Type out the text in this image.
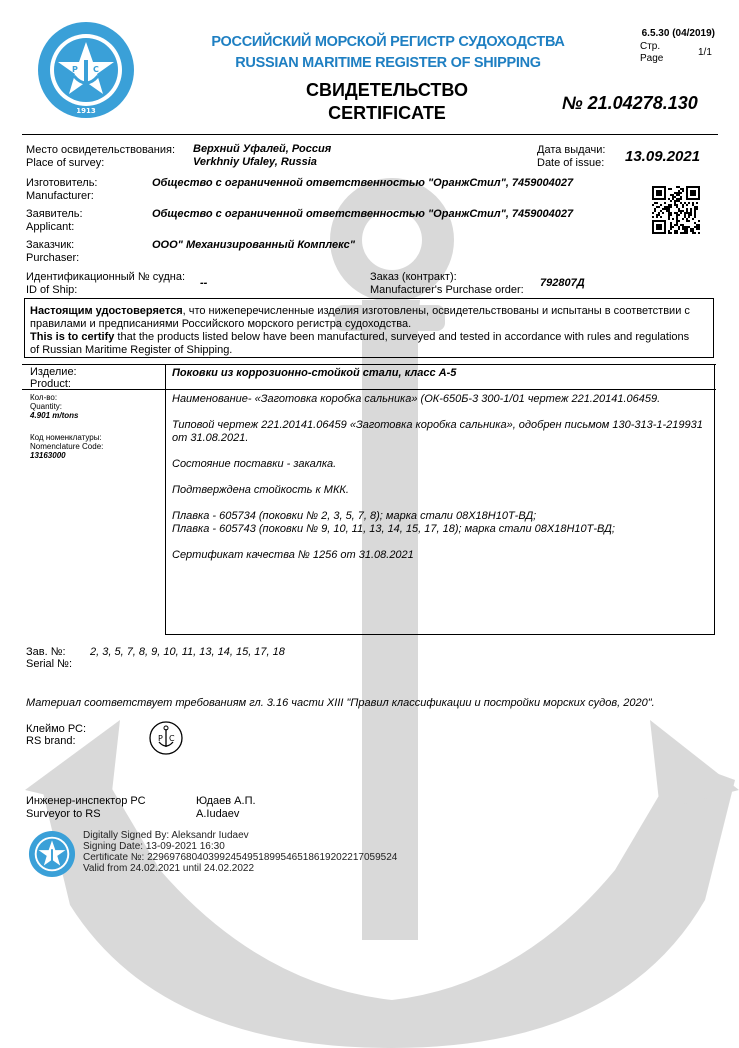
Р С
1913
РОССИЙСКИЙ МОРСКОЙ РЕГИСТР СУДОХОДСТВА
RUSSIAN MARITIME REGISTER OF SHIPPING
6.5.30 (04/2019)
Стр.
Page
1/1
СВИДЕТЕЛЬСТВО
CERTIFICATE	№ 21.04278.130
Место освидетельствования:
Place of survey:
Верхний Уфалей, Россия
Verkhniy Ufaley, Russia
Дата выдачи:
Date of issue: 13.09.2021
Изготовитель:
Manufacturer:
Общество с ограниченной ответственностью "ОранжСтил", 7459004027
Заявитель:
Applicant:
Общество с ограниченной ответственностью "ОранжСтил", 7459004027
Заказчик:
Purchaser:
ООО" Механизированный Комплекс"
Идентификационный № судна:
ID of Ship:
--	Заказ (контракт):
Manufacturer's Purchase order:
792807Д
Настоящим удостоверяется, что нижеперечисленные изделия изготовлены, освидетельствованы и испытаны в соответствии с
правилами и предписаниями Российского морского регистра судоходства.
This is to certify that the products listed below have been manufactured, surveyed and tested in accordance with rules and regulations
of Russian Maritime Register of Shipping.
Изделие:
Product:
Поковки из коррозионно-стойкой стали, класс А-5
Кол-во:
Quantity:
4.901 m/tons
Код номенклатуры:
Nomenclature Code:
13163000
Наименование- «Заготовка коробка сальника» (ОК-650Б-3 300-1/01 чертеж 221.20141.06459.
Типовой чертеж 221.20141.06459 «Заготовка коробка сальника», одобрен письмом 130-313-1-219931
от 31.08.2021.
Состояние поставки - закалка.
Подтверждена стойкость к МКК.
Плавка - 605734 (поковки № 2, 3, 5, 7, 8); марка стали 08Х18Н10Т-ВД;
Плавка - 605743 (поковки № 9, 10, 11, 13, 14, 15, 17, 18); марка стали 08Х18Н10Т-ВД;
Сертификат качества № 1256 от 31.08.2021
Зав. №:
Serial №:
2, 3, 5, 7, 8, 9, 10, 11, 13, 14, 15, 17, 18
Материал соответствует требованиям гл. 3.16 части XIII "Правил классификации и постройки морских судов, 2020".
Клеймо РС:
RS brand:	Р С
Инженер-инспектор РС
Surveyor to RS
Юдаев А.П.
A.Iudaev
Digitally Signed By: Aleksandr Iudaev
Signing Date: 13-09-2021 16:30
Certificate №: 229697680403992454951899546518619202217059524
Valid from 24.02.2021 until 24.02.2022
